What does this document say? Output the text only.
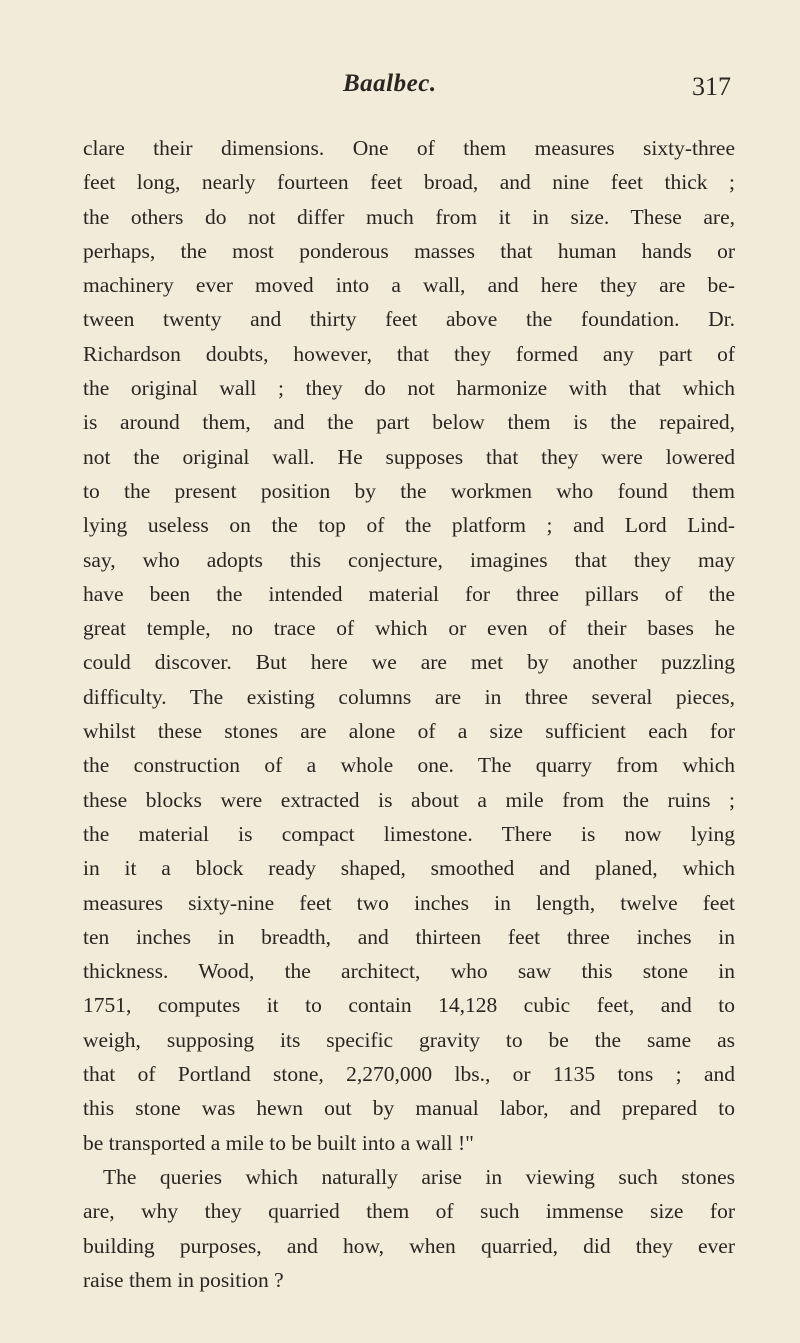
Baalbec.	317
clare their dimensions. One of them measures sixty-three
feet long, nearly fourteen feet broad, and nine feet thick ;
the others do not differ much from it in size. These are,
perhaps, the most ponderous masses that human hands or
machinery ever moved into a wall, and here they are be-
tween twenty and thirty feet above the foundation. Dr.
Richardson doubts, however, that they formed any part of
the original wall ; they do not harmonize with that which
is around them, and the part below them is the repaired,
not the original wall. He supposes that they were lowered
to the present position by the workmen who found them
lying useless on the top of the platform ; and Lord Lind-
say, who adopts this conjecture, imagines that they may
have been the intended material for three pillars of the
great temple, no trace of which or even of their bases he
could discover. But here we are met by another puzzling
difficulty. The existing columns are in three several pieces,
whilst these stones are alone of a size sufficient each for
the construction of a whole one. The quarry from which
these blocks were extracted is about a mile from the ruins ;
the material is compact limestone. There is now lying
in it a block ready shaped, smoothed and planed, which
measures sixty-nine feet two inches in length, twelve feet
ten inches in breadth, and thirteen feet three inches in
thickness. Wood, the architect, who saw this stone in
1751, computes it to contain 14,128 cubic feet, and to
weigh, supposing its specific gravity to be the same as
that of Portland stone, 2,270,000 lbs., or 1135 tons ; and
this stone was hewn out by manual labor, and prepared to
be transported a mile to be built into a wall !"
The queries which naturally arise in viewing such stones
are, why they quarried them of such immense size for
building purposes, and how, when quarried, did they ever
raise them in position ?
